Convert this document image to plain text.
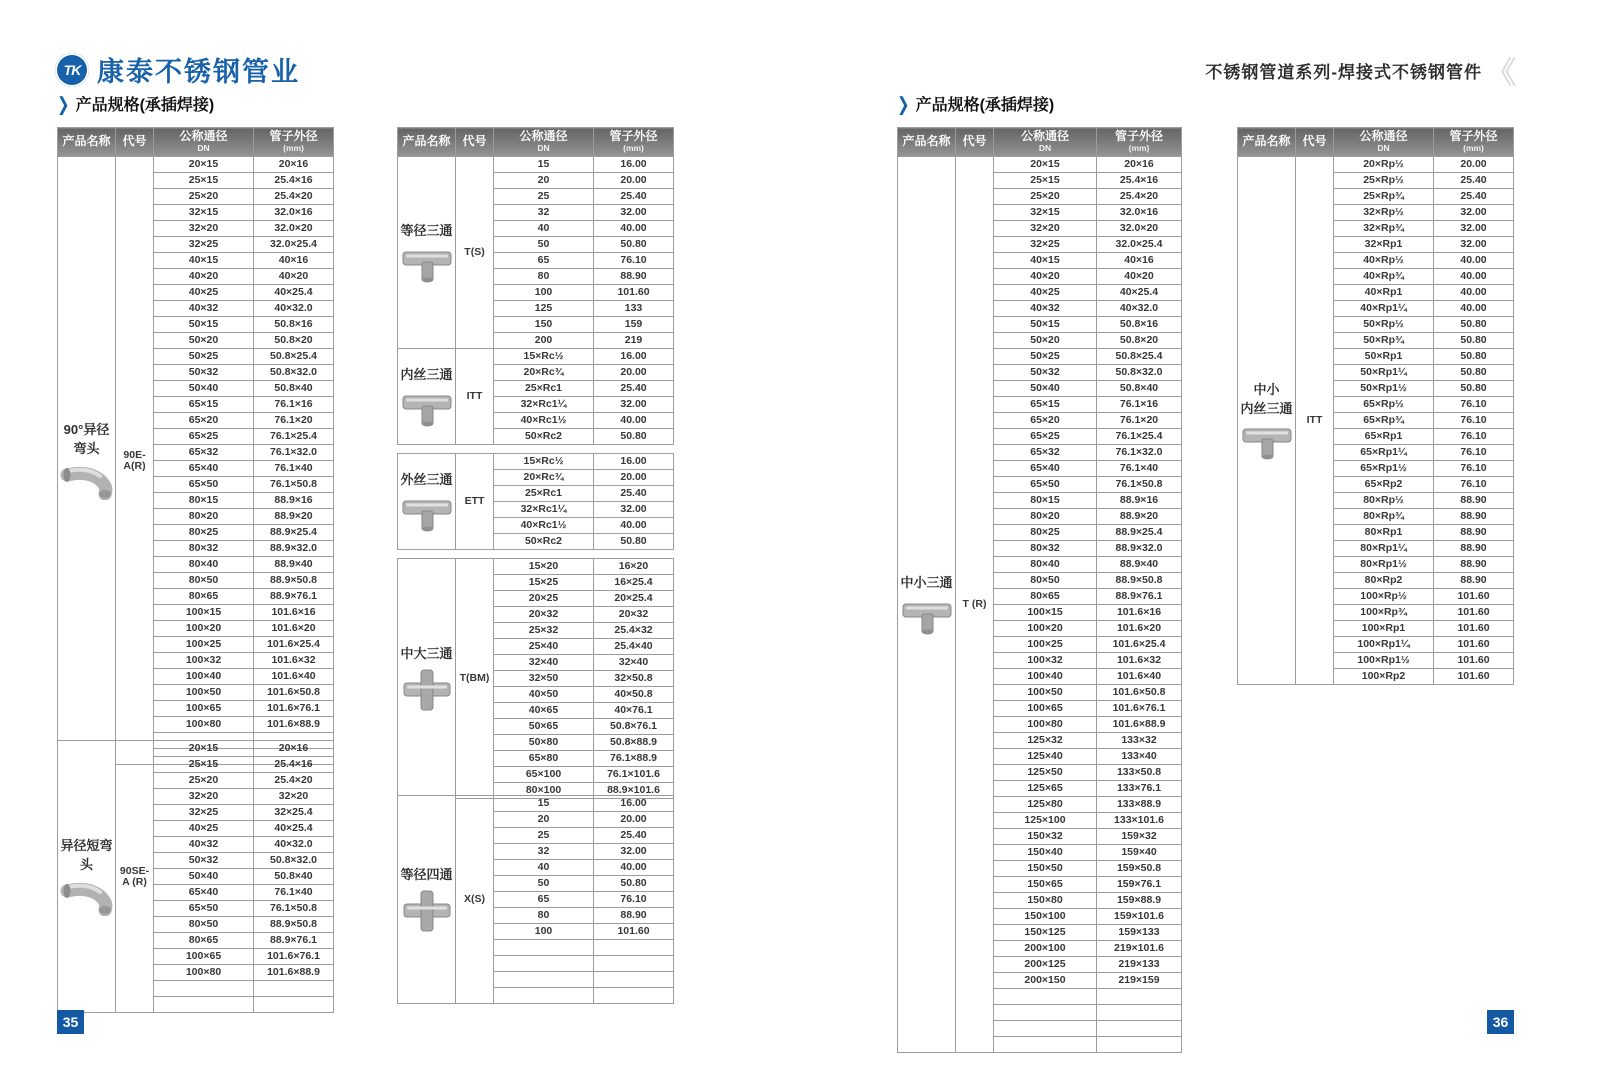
TK 康泰不锈钢管业	不锈钢管道系列-焊接式不锈钢管件 《
❯ 产品规格(承插焊接)	❯ 产品规格(承插焊接)
产品名称	代号	公称通径
DN	管子外径
(mm)

90°异径
弯头	90E-
A(R)	20×15	20×16
		25×15	25.4×16
		25×20	25.4×20
		32×15	32.0×16
		32×20	32.0×20
		32×25	32.0×25.4
		40×15	40×16
		40×20	40×20
		40×25	40×25.4
		40×32	40×32.0
		50×15	50.8×16
		50×20	50.8×20
		50×25	50.8×25.4
		50×32	50.8×32.0
		50×40	50.8×40
		65×15	76.1×16
		65×20	76.1×20
		65×25	76.1×25.4
		65×32	76.1×32.0
		65×40	76.1×40
		65×50	76.1×50.8
		80×15	88.9×16
		80×20	88.9×20
		80×25	88.9×25.4
		80×32	88.9×32.0
		80×40	88.9×40
		80×50	88.9×50.8
		80×65	88.9×76.1
		100×15	101.6×16
		100×20	101.6×20
		100×25	101.6×25.4
		100×32	101.6×32
		100×40	101.6×40
		100×50	101.6×50.8
		100×65	101.6×76.1
		100×80	101.6×88.9

异径短弯头	90SE-
A (R)	20×15	20×16
		25×15	25.4×16
		25×20	25.4×20
		32×20	32×20
		32×25	32×25.4
		40×25	40×25.4
		40×32	40×32.0
		50×32	50.8×32.0
		50×40	50.8×40
		65×40	76.1×40
		65×50	76.1×50.8
		80×50	88.9×50.8
		80×65	88.9×76.1
		100×65	101.6×76.1
		100×80	101.6×88.9

产品名称	代号	公称通径
DN	管子外径
(mm)

等径三通	T(S)	15	16.00
		20	20.00
		25	25.40
		32	32.00
		40	40.00
		50	50.80
		65	76.10
		80	88.90
		100	101.60
		125	133
		150	159
		200	219
内丝三通	ITT	15×Rc½	16.00
		20×Rc¾	20.00
		25×Rc1	25.40
		32×Rc1¼	32.00
		40×Rc1½	40.00
		50×Rc2	50.80
外丝三通	ETT	15×Rc½	16.00
		20×Rc¾	20.00
		25×Rc1	25.40
		32×Rc1¼	32.00
		40×Rc1½	40.00
		50×Rc2	50.80
中大三通	T(BM)	15×20	16×20
		15×25	16×25.4
		20×25	20×25.4
		20×32	20×32
		25×32	25.4×32
		25×40	25.4×40
		32×40	32×40
		32×50	32×50.8
		40×50	40×50.8
		40×65	40×76.1
		50×65	50.8×76.1
		50×80	50.8×88.9
		65×80	76.1×88.9
		65×100	76.1×101.6
		80×100	88.9×101.6
等径四通	X(S)	15	16.00
		20	20.00
		25	25.40
		32	32.00
		40	40.00
		50	50.80
		65	76.10
		80	88.90
		100	101.60

产品名称	代号	公称通径
DN	管子外径
(mm)

中小三通	T (R)	20×15	20×16
		25×15	25.4×16
		25×20	25.4×20
		32×15	32.0×16
		32×20	32.0×20
		32×25	32.0×25.4
		40×15	40×16
		40×20	40×20
		40×25	40×25.4
		40×32	40×32.0
		50×15	50.8×16
		50×20	50.8×20
		50×25	50.8×25.4
		50×32	50.8×32.0
		50×40	50.8×40
		65×15	76.1×16
		65×20	76.1×20
		65×25	76.1×25.4
		65×32	76.1×32.0
		65×40	76.1×40
		65×50	76.1×50.8
		80×15	88.9×16
		80×20	88.9×20
		80×25	88.9×25.4
		80×32	88.9×32.0
		80×40	88.9×40
		80×50	88.9×50.8
		80×65	88.9×76.1
		100×15	101.6×16
		100×20	101.6×20
		100×25	101.6×25.4
		100×32	101.6×32
		100×40	101.6×40
		100×50	101.6×50.8
		100×65	101.6×76.1
		100×80	101.6×88.9
		125×32	133×32
		125×40	133×40
		125×50	133×50.8
		125×65	133×76.1
		125×80	133×88.9
		125×100	133×101.6
		150×32	159×32
		150×40	159×40
		150×50	159×50.8
		150×65	159×76.1
		150×80	159×88.9
		150×100	159×101.6
		150×125	159×133
		200×100	219×101.6
		200×125	219×133
		200×150	219×159

产品名称	代号	公称通径
DN	管子外径
(mm)

中小
内丝三通	ITT	20×Rp½	20.00
		25×Rp½	25.40
		25×Rp¾	25.40
		32×Rp½	32.00
		32×Rp¾	32.00
		32×Rp1	32.00
		40×Rp½	40.00
		40×Rp¾	40.00
		40×Rp1	40.00
		40×Rp1¼	40.00
		50×Rp½	50.80
		50×Rp¾	50.80
		50×Rp1	50.80
		50×Rp1¼	50.80
		50×Rp1½	50.80
		65×Rp½	76.10
		65×Rp¾	76.10
		65×Rp1	76.10
		65×Rp1¼	76.10
		65×Rp1½	76.10
		65×Rp2	76.10
		80×Rp½	88.90
		80×Rp¾	88.90
		80×Rp1	88.90
		80×Rp1¼	88.90
		80×Rp1½	88.90
		80×Rp2	88.90
		100×Rp½	101.60
		100×Rp¾	101.60
		100×Rp1	101.60
		100×Rp1¼	101.60
		100×Rp1½	101.60
		100×Rp2	101.60
35	36
